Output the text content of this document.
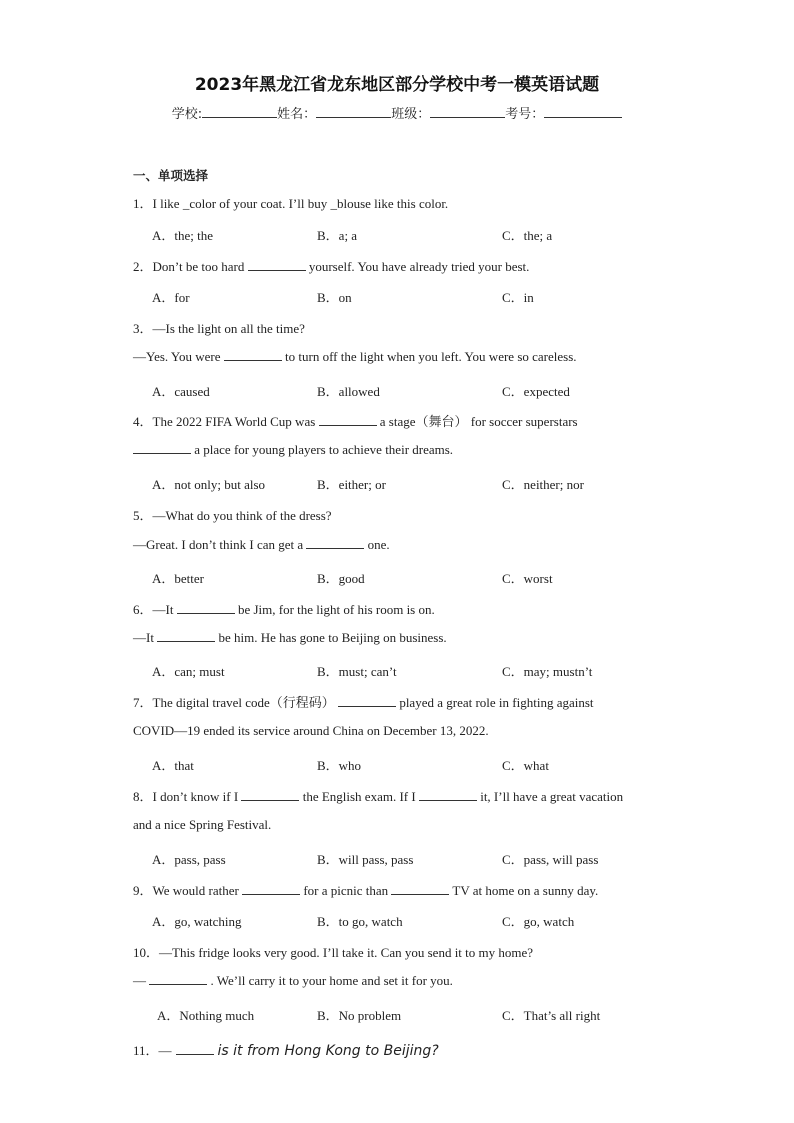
2023年黑龙江省龙东地区部分学校中考一模英语试题
学校:	姓名：	班级：	考号：
一、单项选择
1．I like _color of your coat. I’ll buy _blouse like this color.
A．the; the	B．a; a	C．the; a
2．Don’t be too hard	yourself. You have already tried your best.
A．for	B．on	C．in
3．—Is the light on all the time?
—Yes. You were	to turn off the light when you left. You were so careless.
A．caused	B．allowed	C．expected
4．The 2022 FIFA World Cup was	a stage（舞台） for soccer superstars
a place for young players to achieve their dreams.
A．not only; but also	B．either; or	C．neither; nor
5．—What do you think of the dress?
—Great. I don’t think I can get a	one.
A．better	B．good	C．worst
6．—It	be Jim, for the light of his room is on.
—It	be him. He has gone to Beijing on business.
A．can; must	B．must; can’t	C．may; mustn’t
7．The digital travel code（行程码）	played a great role in fighting against
COVID—19 ended its service around China on December 13, 2022.
A．that	B．who	C．what
8．I don’t know if I	the English exam. If I	it, I’ll have a great vacation
and a nice Spring Festival.
A．pass, pass	B．will pass, pass	C．pass, will pass
9．We would rather	for a picnic than	TV at home on a sunny day.
A．go, watching	B．to go, watch	C．go, watch
10．—This fridge looks very good. I’ll take it. Can you send it to my home?
—	. We’ll carry it to your home and set it for you.
A．Nothing much	B．No problem	C．That’s all right
11．—	is it from Hong Kong to Beijing?
